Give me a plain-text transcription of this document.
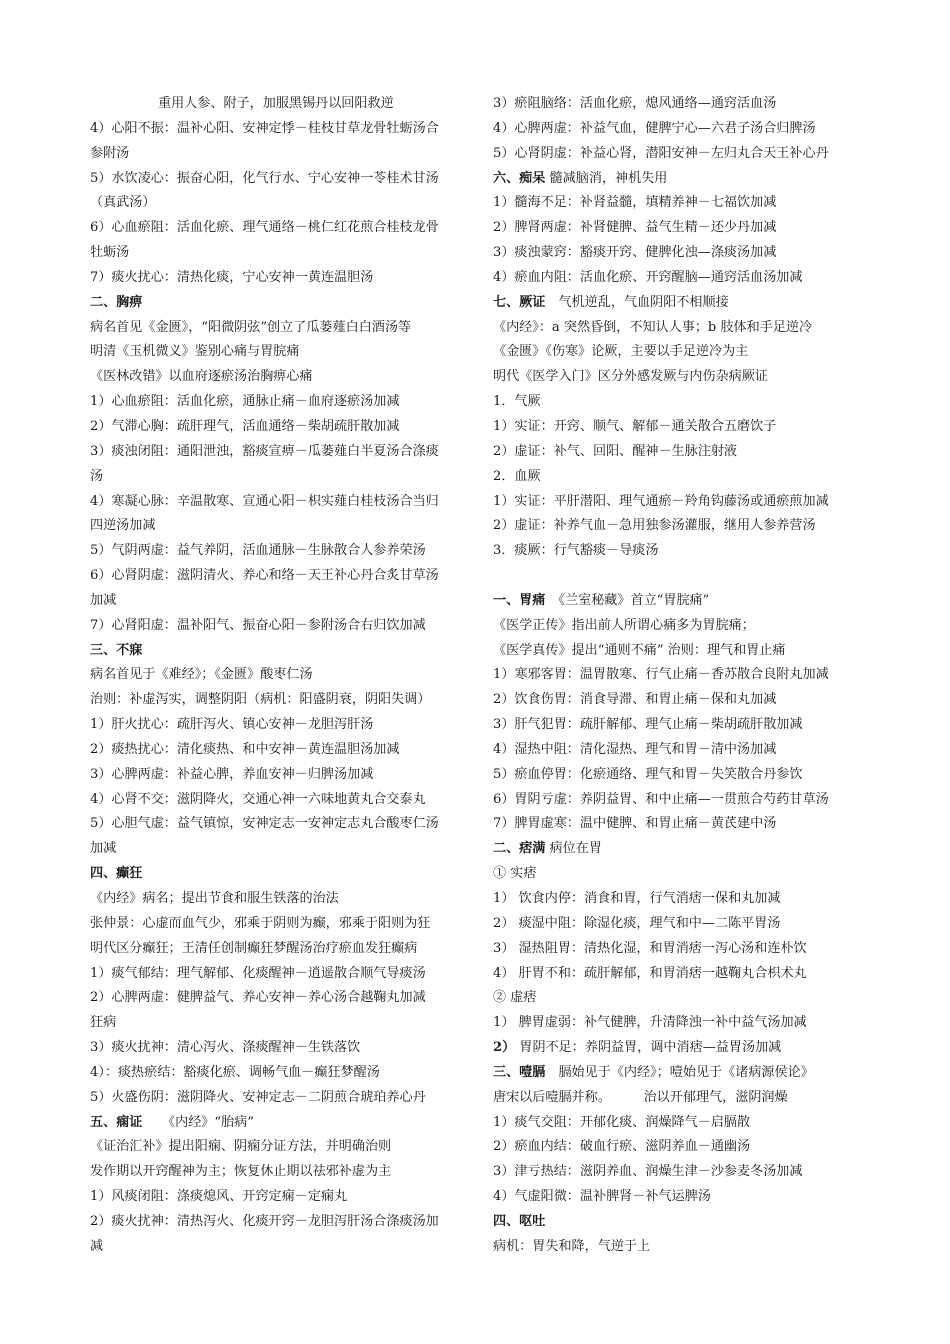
重用人参、附子，加服黑锡丹以回阳救逆
4）心阳不振：温补心阳、安神定悸－桂枝甘草龙骨牡蛎汤合
参附汤
5）水饮凌心：振奋心阳，化气行水、宁心安神一苓桂术甘汤
（真武汤）
6）心血瘀阻：活血化瘀、理气通络－桃仁红花煎合桂枝龙骨
牡蛎汤
7）痰火扰心：清热化痰，宁心安神一黄连温胆汤
二、胸痹
病名首见《金匮》，“阳微阴弦”创立了瓜蒌薤白白酒汤等
明清《玉机微义》鉴别心痛与胃脘痛
《医林改错》以血府逐瘀汤治胸痹心痛
1）心血瘀阻：活血化瘀，通脉止痛－血府逐瘀汤加减
2）气滞心胸：疏肝理气，活血通络－柴胡疏肝散加减
3）痰浊闭阻：通阳泄浊，豁痰宣痹－瓜蒌薤白半夏汤合涤痰
汤
4）寒凝心脉：辛温散寒、宣通心阳－枳实薤白桂枝汤合当归
四逆汤加减
5）气阴两虚：益气养阴，活血通脉－生脉散合人参养荣汤
6）心肾阴虚：滋阴清火、养心和络－天王补心丹合炙甘草汤
加减
7）心肾阳虚：温补阳气、振奋心阳－参附汤合右归饮加减
三、不寐
病名首见于《难经》；《金匮》酸枣仁汤
治则：补虚泻实，调整阴阳（病机：阳盛阴衰，阴阳失调）
1）肝火扰心：疏肝泻火、镇心安神－龙胆泻肝汤
2）痰热扰心：清化痰热、和中安神－黄连温胆汤加减
3）心脾两虚：补益心脾，养血安神－归脾汤加减
4）心肾不交：滋阴降火，交通心神一六味地黄丸合交泰丸
5）心胆气虚：益气镇惊，安神定志一安神定志丸合酸枣仁汤
加减
四、癫狂
《内经》病名；提出节食和服生铁落的治法
张仲景：心虚而血气少，邪乘于阴则为癫，邪乘于阳则为狂
明代区分癫狂；王清任创制癫狂梦醒汤治疗瘀血发狂癫病
1）痰气郁结：理气解郁、化痰醒神－逍遥散合顺气导痰汤
2）心脾两虚：健脾益气、养心安神－养心汤合越鞠丸加减
狂病
3）痰火扰神：清心泻火、涤痰醒神－生铁落饮
4）：痰热瘀结：豁痰化瘀、调畅气血－癫狂梦醒汤
5）火盛伤阴：滋阴降火、安神定志－二阴煎合琥珀养心丹
五、痫证　　《内经》“胎病”
《证治汇补》提出阳痫、阴痫分证方法，并明确治则
发作期以开窍醒神为主；恢复休止期以祛邪补虚为主
1）风痰闭阻：涤痰熄风、开窍定痫－定痫丸
2）痰火扰神：清热泻火、化痰开窍－龙胆泻肝汤合涤痰汤加
减
3）瘀阻脑络：活血化瘀，熄风通络—通窍活血汤
4）心脾两虚：补益气血，健脾宁心—六君子汤合归脾汤
5）心肾阴虚：补益心肾，潜阳安神－左归丸合天王补心丹
六、痴呆 髓减脑消，神机失用
1）髓海不足：补肾益髓，填精养神－七福饮加减
2）脾肾两虚：补肾健脾、益气生精－还少丹加减
3）痰浊蒙窍：豁痰开窍、健脾化浊—涤痰汤加减
4）瘀血内阻：活血化瘀、开窍醒脑—通窍活血汤加减
七、厥证　气机逆乱，气血阴阳不相顺接
《内经》：a 突然昏倒，不知认人事；b 肢体和手足逆冷
《金匮》《伤寒》论厥，主要以手足逆冷为主
明代《医学入门》区分外感发厥与内伤杂病厥证
1．气厥
1）实证：开窍、顺气、解郁－通关散合五磨饮子
2）虚证：补气、回阳、醒神－生脉注射液
2．血厥
1）实证：平肝潜阳、理气通瘀－羚角钩藤汤或通瘀煎加减
2）虚证：补养气血－急用独参汤灌服，继用人参养营汤
3．痰厥：行气豁痰－导痰汤
一、胃痛　《兰室秘藏》首立“胃脘痛”
《医学正传》指出前人所谓心痛多为胃脘痛；
《医学真传》提出“通则不痛” 治则：理气和胃止痛
1）寒邪客胃：温胃散寒、行气止痛－香苏散合良附丸加减
2）饮食伤胃：消食导滞、和胃止痛－保和丸加减
3）肝气犯胃：疏肝解郁、理气止痛－柴胡疏肝散加减
4）湿热中阻：清化湿热、理气和胃－清中汤加减
5）瘀血停胃：化瘀通络、理气和胃－失笑散合丹参饮
6）胃阴亏虚：养阴益胃、和中止痛—一贯煎合芍药甘草汤
7）脾胃虚寒：温中健脾、和胃止痛－黄芪建中汤
二、痞满 病位在胃
① 实痞
1） 饮食内停：消食和胃，行气消痞一保和丸加减
2） 痰湿中阻：除湿化痰，理气和中—二陈平胃汤
3） 湿热阻胃：清热化湿，和胃消痞一泻心汤和连朴饮
4） 肝胃不和：疏肝解郁，和胃消痞一越鞠丸合枳术丸
② 虚痞
1） 脾胃虚弱：补气健脾，升清降浊一补中益气汤加减
2） 胃阴不足：养阴益胃，调中消痞—益胃汤加减
三、噎膈　膈始见于《内经》；噎始见于《诸病源侯论》
唐宋以后噎膈并称。　　　治以开郁理气，滋阴润燥
1）痰气交阻：开郁化痰、润燥降气－启膈散
2）瘀血内结：破血行瘀、滋阴养血－通幽汤
3）津亏热结：滋阴养血、润燥生津－沙参麦冬汤加减
4）气虚阳微：温补脾肾－补气运脾汤
四、呕吐
病机：胃失和降，气逆于上
